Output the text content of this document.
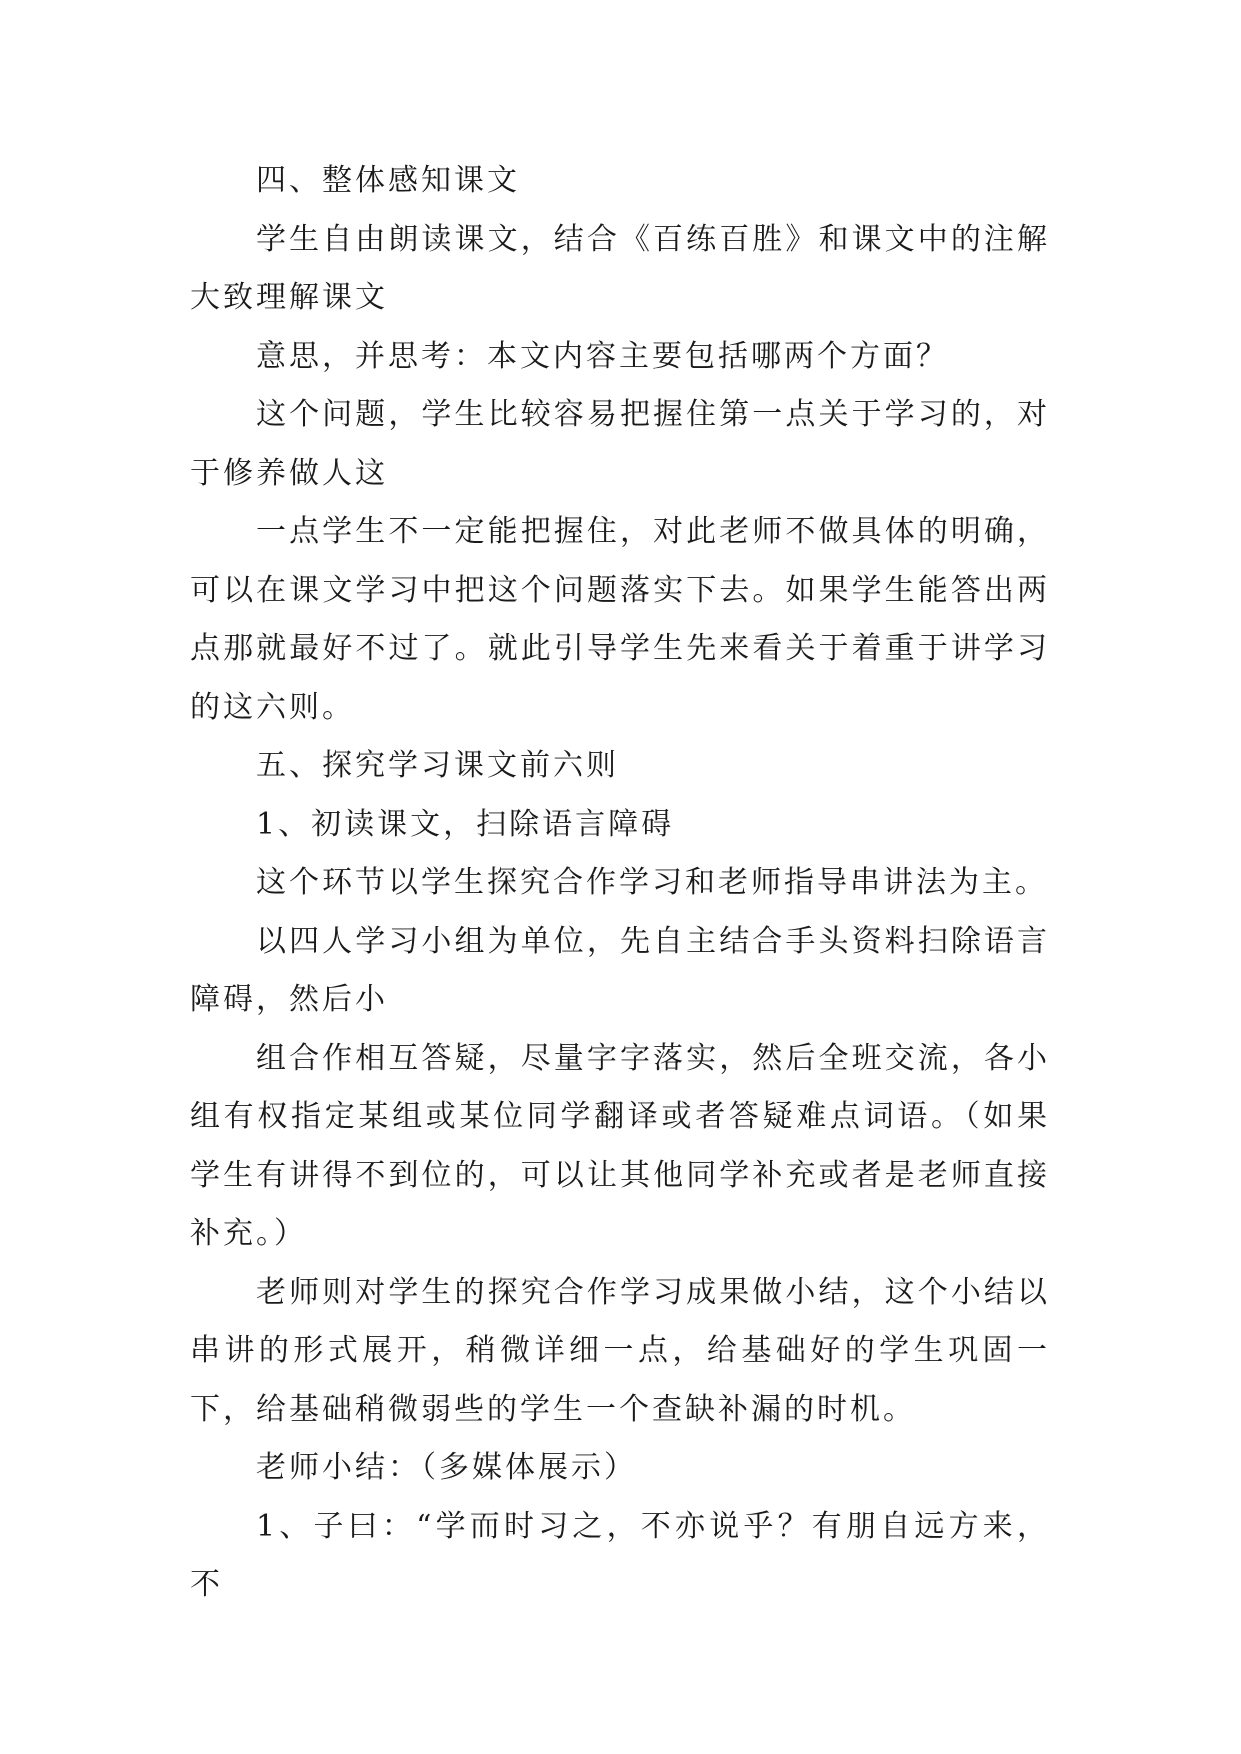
四、整体感知课文

学生自由朗读课文，结合《百练百胜》和课文中的注解大致理解课文

意思，并思考：本文内容主要包括哪两个方面？

这个问题，学生比较容易把握住第一点关于学习的，对于修养做人这

一点学生不一定能把握住，对此老师不做具体的明确，可以在课文学习中把这个问题落实下去。如果学生能答出两点那就最好不过了。就此引导学生先来看关于着重于讲学习的这六则。

五、探究学习课文前六则

1、初读课文，扫除语言障碍

这个环节以学生探究合作学习和老师指导串讲法为主。

以四人学习小组为单位，先自主结合手头资料扫除语言障碍，然后小

组合作相互答疑，尽量字字落实，然后全班交流，各小组有权指定某组或某位同学翻译或者答疑难点词语。（如果学生有讲得不到位的，可以让其他同学补充或者是老师直接补充。）

老师则对学生的探究合作学习成果做小结，这个小结以串讲的形式展开，稍微详细一点，给基础好的学生巩固一下，给基础稍微弱些的学生一个查缺补漏的时机。

老师小结：（多媒体展示）

1、子曰：“学而时习之，不亦说乎？有朋自远方来，不
